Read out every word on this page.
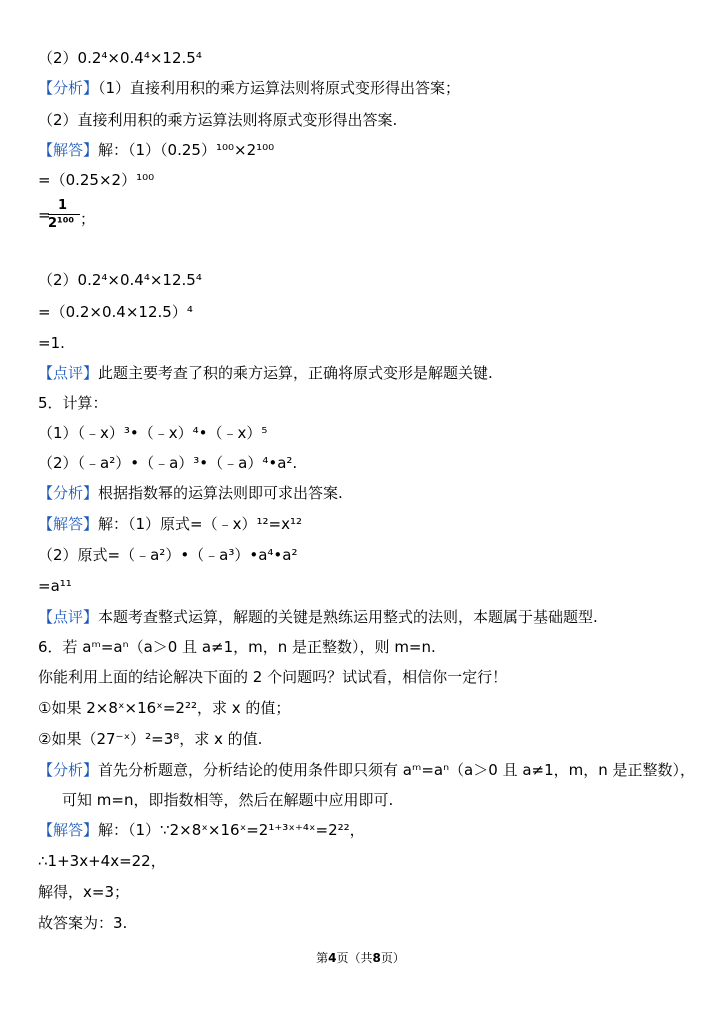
（2）0.2⁴×0.4⁴×12.5⁴
【分析】（1）直接利用积的乘方运算法则将原式变形得出答案；
（2）直接利用积的乘方运算法则将原式变形得出答案.
【解答】解：（1）（0.25）¹⁰⁰×2¹⁰⁰
=（0.25×2）¹⁰⁰
=
1
2¹⁰⁰ ；
（2）0.2⁴×0.4⁴×12.5⁴
=（0.2×0.4×12.5）⁴
=1.
【点评】此题主要考查了积的乘方运算，正确将原式变形是解题关键.
5．计算：
（1）（﹣x）³•（﹣x）⁴•（﹣x）⁵
（2）（﹣a²）•（﹣a）³•（﹣a）⁴•a².
【分析】根据指数幂的运算法则即可求出答案.
【解答】解：（1）原式=（﹣x）¹²=x¹²
（2）原式=（﹣a²）•（﹣a³）•a⁴•a²
=a¹¹
【点评】本题考查整式运算，解题的关键是熟练运用整式的法则，本题属于基础题型.
6．若 aᵐ=aⁿ（a＞0 且 a≠1，m，n 是正整数），则 m=n.
你能利用上面的结论解决下面的 2 个问题吗？试试看，相信你一定行！
①如果 2×8ˣ×16ˣ=2²²，求 x 的值；
②如果（27⁻ˣ）²=3⁸，求 x 的值.
【分析】首先分析题意，分析结论的使用条件即只须有 aᵐ=aⁿ（a＞0 且 a≠1，m，n 是正整数），
可知 m=n，即指数相等，然后在解题中应用即可.
【解答】解：（1）∵2×8ˣ×16ˣ=2¹⁺³ˣ⁺⁴ˣ=2²²，
∴1+3x+4x=22，
解得，x=3；
故答案为：3.
第4页（共8页）
